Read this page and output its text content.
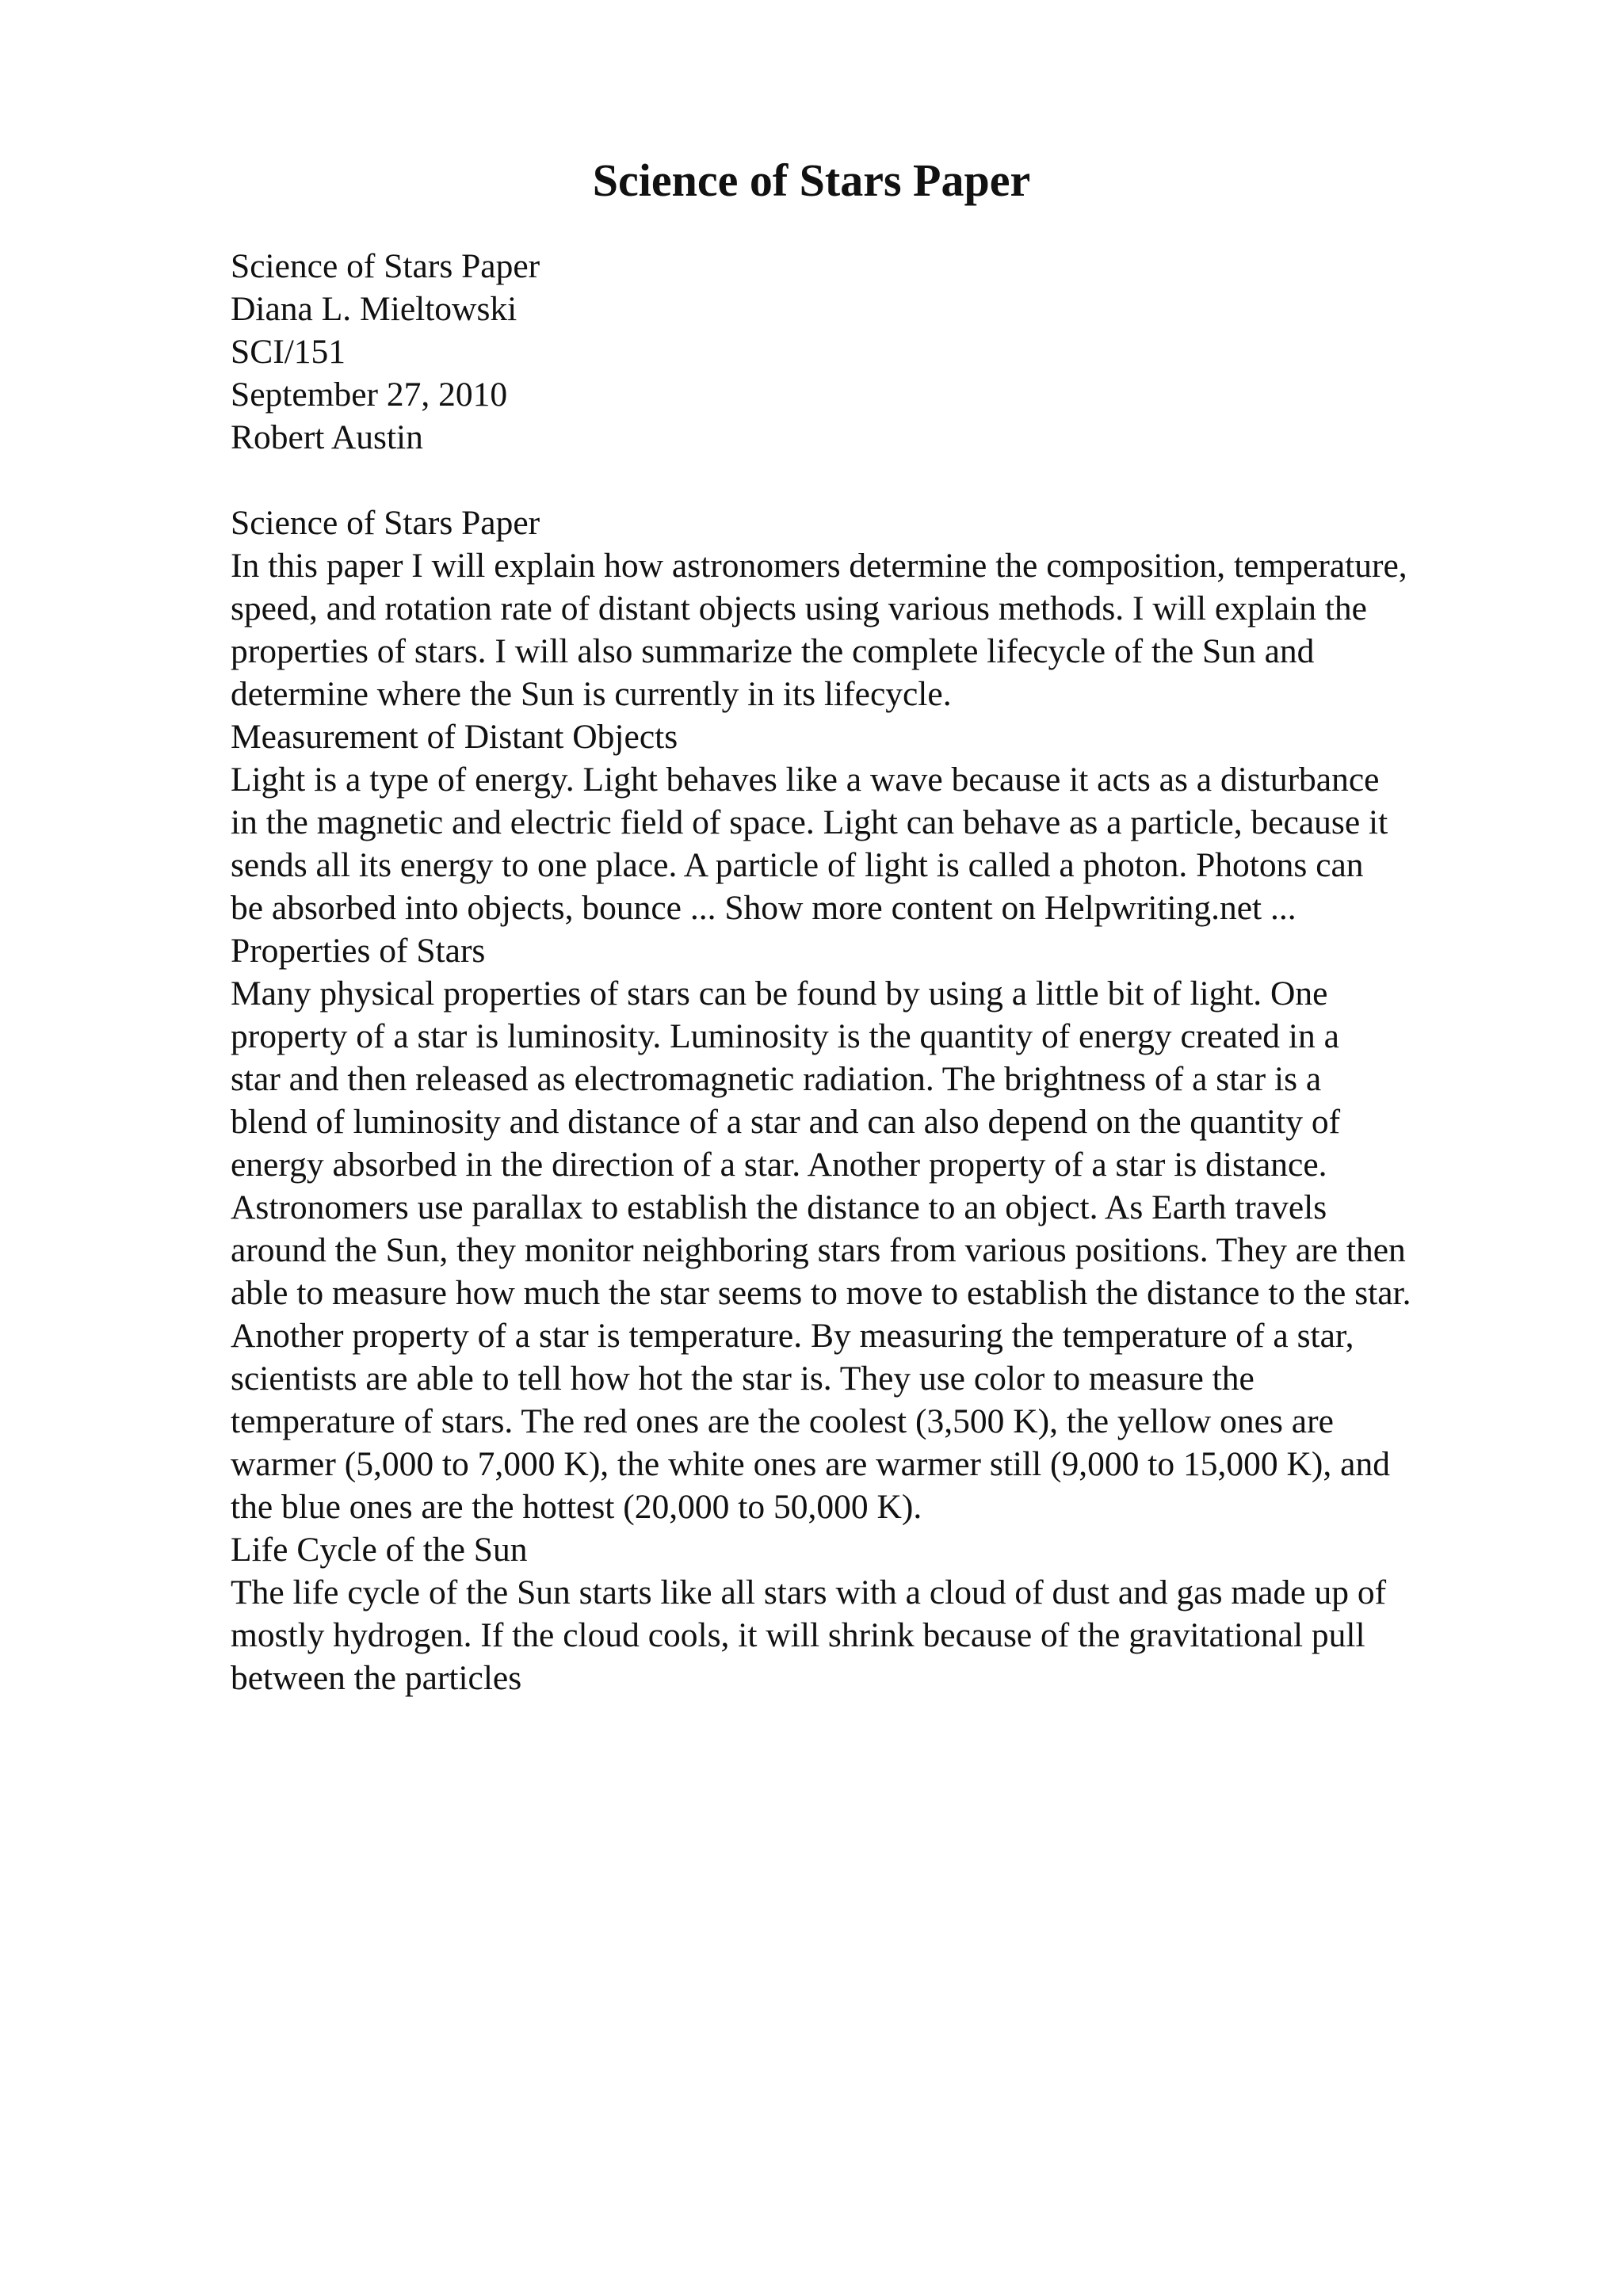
Science of Stars Paper
Science of Stars Paper
Diana L. Mieltowski
SCI/151
September 27, 2010
Robert Austin
Science of Stars Paper
In this paper I will explain how astronomers determine the composition, temperature,
speed, and rotation rate of distant objects using various methods. I will explain the
properties of stars. I will also summarize the complete lifecycle of the Sun and
determine where the Sun is currently in its lifecycle.
Measurement of Distant Objects
Light is a type of energy. Light behaves like a wave because it acts as a disturbance
in the magnetic and electric field of space. Light can behave as a particle, because it
sends all its energy to one place. A particle of light is called a photon. Photons can
be absorbed into objects, bounce ... Show more content on Helpwriting.net ...
Properties of Stars
Many physical properties of stars can be found by using a little bit of light. One
property of a star is luminosity. Luminosity is the quantity of energy created in a
star and then released as electromagnetic radiation. The brightness of a star is a
blend of luminosity and distance of a star and can also depend on the quantity of
energy absorbed in the direction of a star. Another property of a star is distance.
Astronomers use parallax to establish the distance to an object. As Earth travels
around the Sun, they monitor neighboring stars from various positions. They are then
able to measure how much the star seems to move to establish the distance to the star.
Another property of a star is temperature. By measuring the temperature of a star,
scientists are able to tell how hot the star is. They use color to measure the
temperature of stars. The red ones are the coolest (3,500 K), the yellow ones are
warmer (5,000 to 7,000 K), the white ones are warmer still (9,000 to 15,000 K), and
the blue ones are the hottest (20,000 to 50,000 K).
Life Cycle of the Sun
The life cycle of the Sun starts like all stars with a cloud of dust and gas made up of
mostly hydrogen. If the cloud cools, it will shrink because of the gravitational pull
between the particles
